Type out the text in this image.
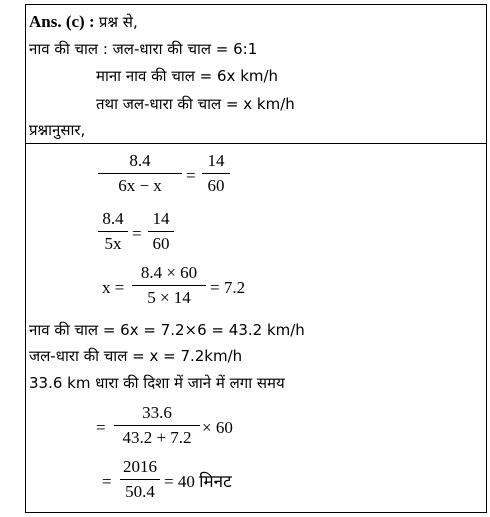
Ans. (c) : प्रश्न से,
नाव की चाल : जल-धारा की चाल = 6:1
माना नाव की चाल = 6x km/h
तथा जल-धारा की चाल = x km/h
प्रश्नानुसार,
8.4
6x − x
=
14
60
8.4
5x
=
14
60
x =
8.4 × 60
5 × 14
= 7.2
नाव की चाल = 6x = 7.2×6 = 43.2 km/h
जल-धारा की चाल = x = 7.2km/h
33.6 km धारा की दिशा में जाने में लगा समय
=
33.6
43.2 + 7.2
× 60
=
2016
50.4
= 40 मिनट
